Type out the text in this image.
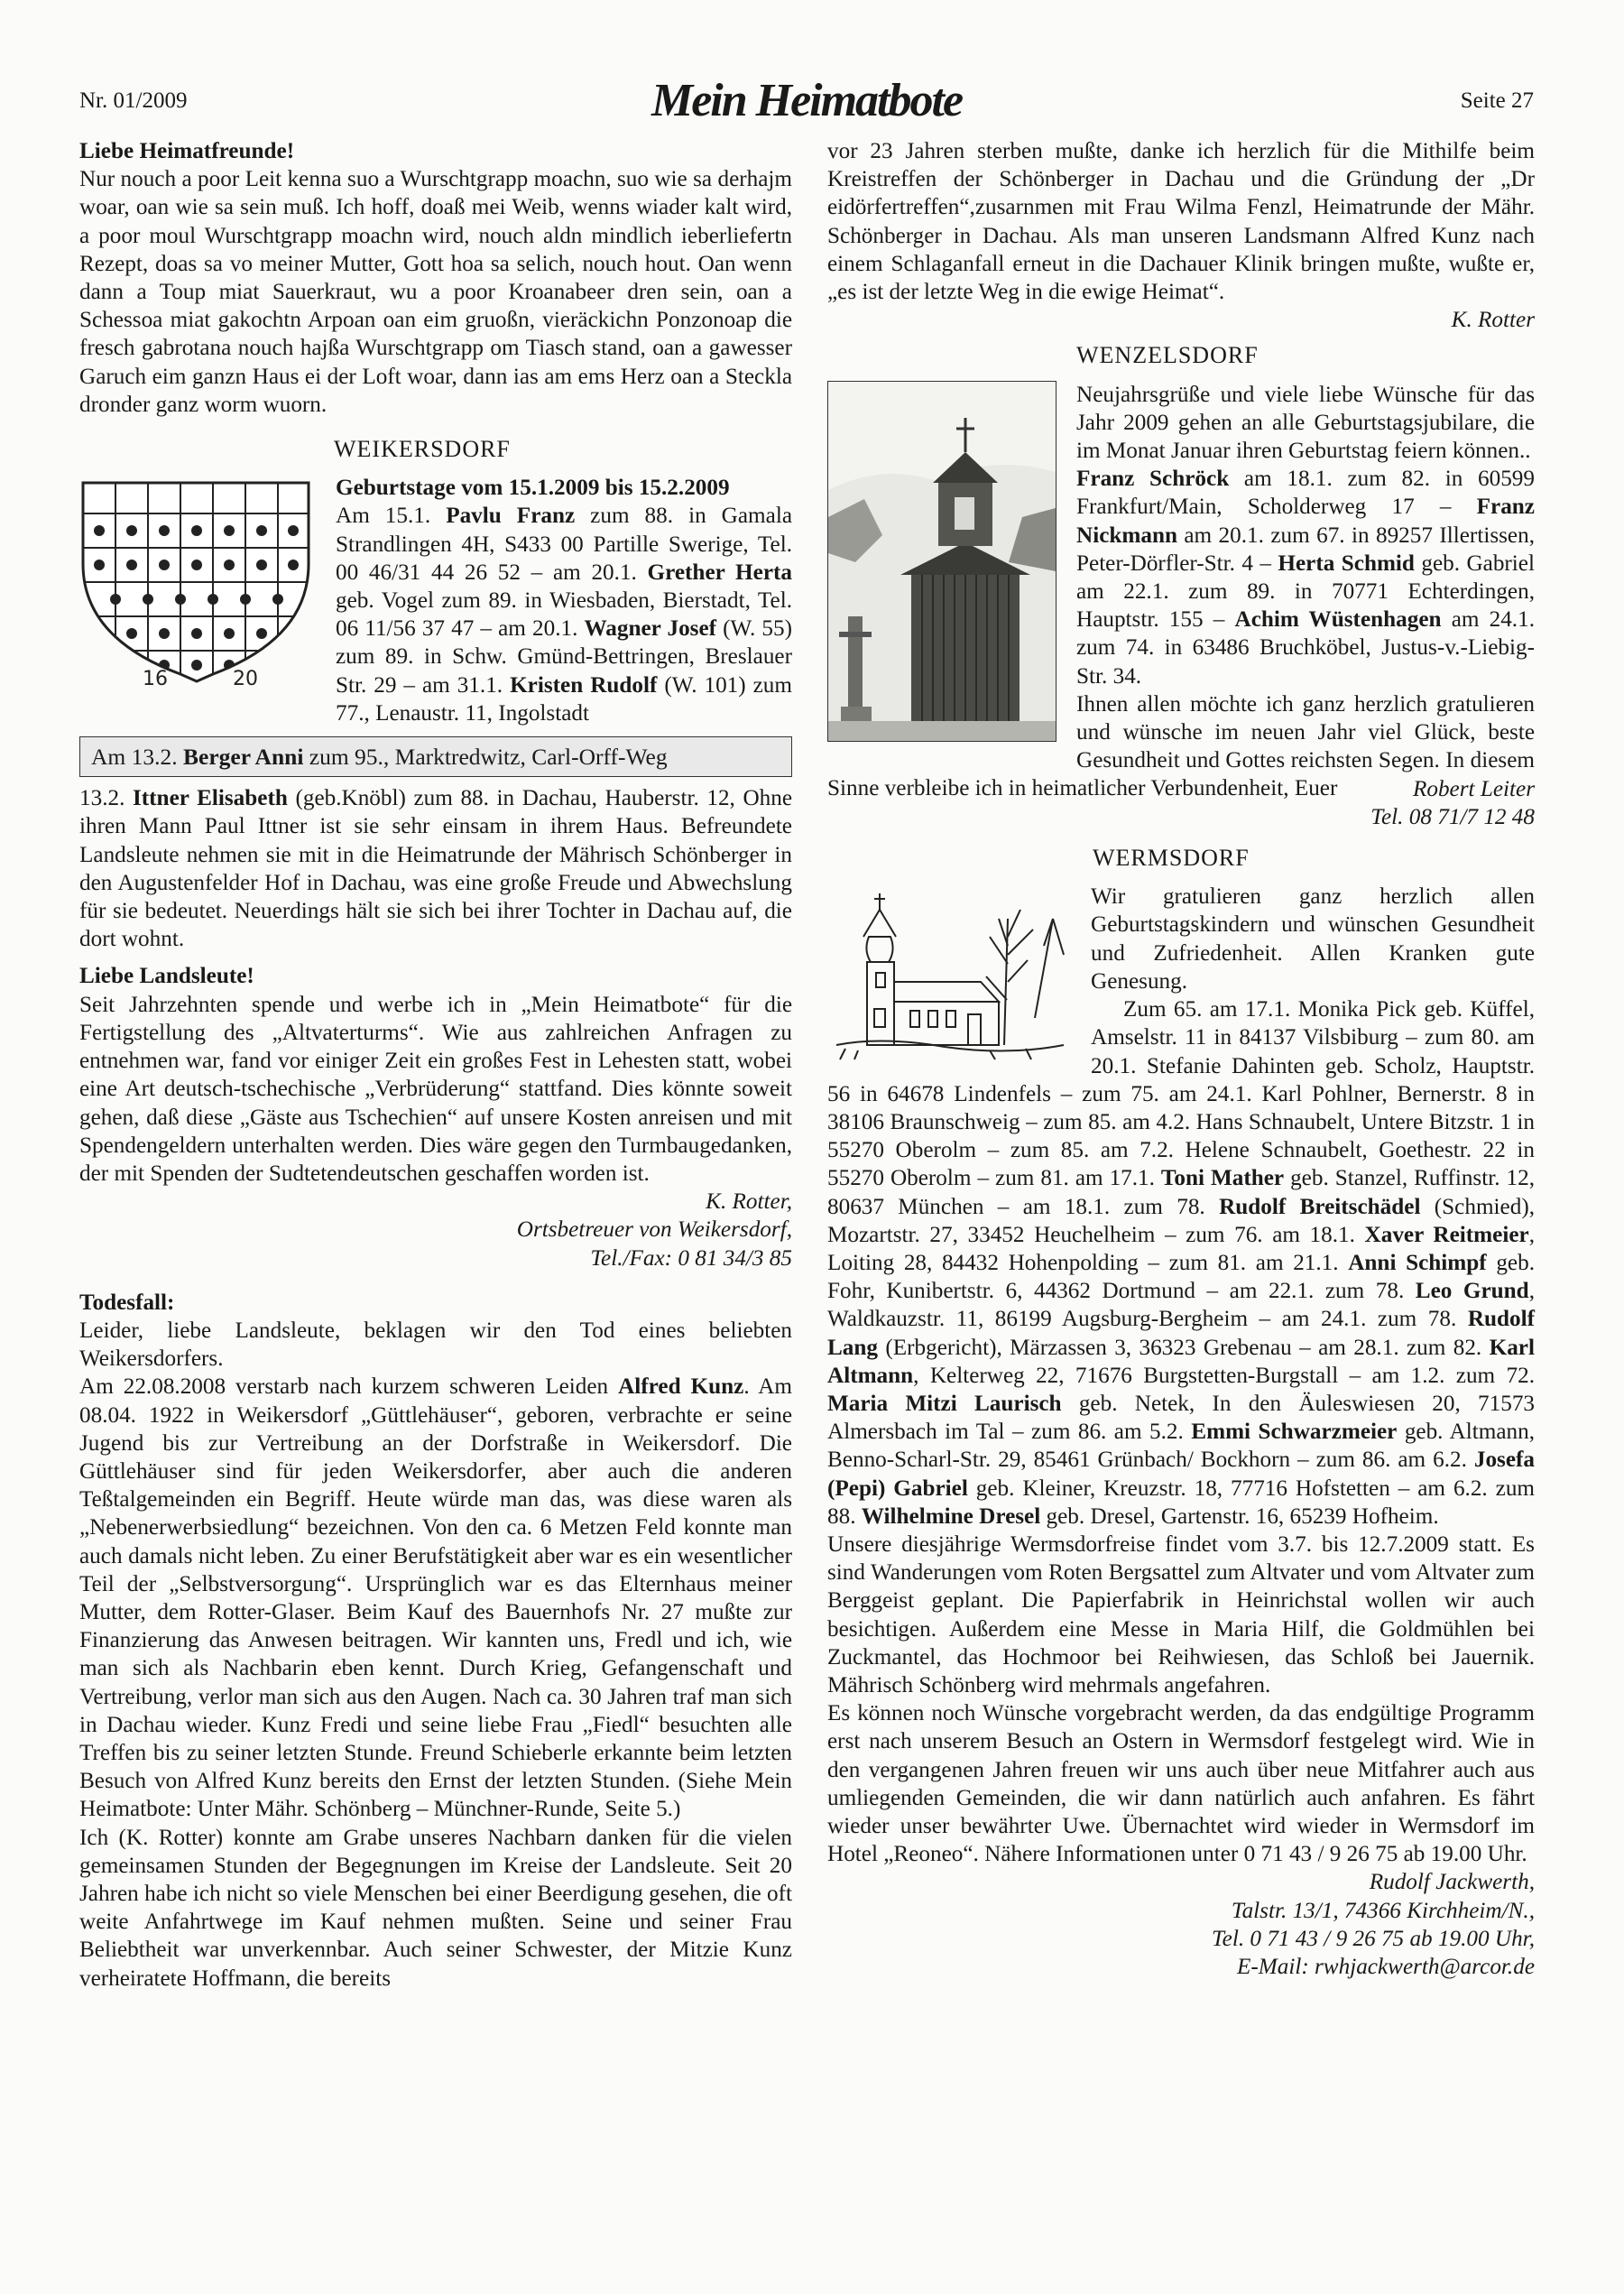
Nr. 01/2009	Mein Heimatbote	Seite 27

Liebe Heimatfreunde!

Nur nouch a poor Leit kenna suo a Wurschtgrapp moachn, suo wie sa derhajm woar, oan wie sa sein muß. Ich hoff, doaß mei Weib, wenns wiader kalt wird, a poor moul Wurschtgrapp moachn wird, nouch aldn mindlich ieberliefertn Rezept, doas sa vo meiner Mutter, Gott hoa sa selich, nouch hout. Oan wenn dann a Toup miat Sauerkraut, wu a poor Kroanabeer dren sein, oan a Schessoa miat gakochtn Arpoan oan eim gruoßn, vieräckichn Ponzonoap die fresch gabrotana nouch hajßa Wurschtgrapp om Tiasch stand, oan a gawesser Garuch eim ganzn Haus ei der Loft woar, dann ias am ems Herz oan a Steckla dronder ganz worm wuorn.

WEIKERSDORF
16	20

Geburtstage vom 15.1.2009 bis 15.2.2009

Am 15.1. Pavlu Franz zum 88. in Gamala Strandlingen 4H, S433 00 Partille Swerige, Tel. 00 46/31 44 26 52 – am 20.1. Grether Herta geb. Vogel zum 89. in Wiesbaden, Bierstadt, Tel. 06 11/56 37 47 – am 20.1. Wagner Josef (W. 55) zum 89. in Schw. Gmünd-Bettringen, Breslauer Str. 29 – am 31.1. Kristen Rudolf (W. 101) zum 77., Lenaustr. 11, Ingolstadt

Am 13.2. Berger Anni zum 95., Marktredwitz, Carl-Orff-Weg

13.2. Ittner Elisabeth (geb.Knöbl) zum 88. in Dachau, Hauberstr. 12, Ohne ihren Mann Paul Ittner ist sie sehr einsam in ihrem Haus. Befreundete Landsleute nehmen sie mit in die Heimatrunde der Mährisch Schönberger in den Augustenfelder Hof in Dachau, was eine große Freude und Abwechslung für sie bedeutet. Neuerdings hält sie sich bei ihrer Tochter in Dachau auf, die dort wohnt.

Liebe Landsleute!

Seit Jahrzehnten spende und werbe ich in „Mein Heimatbote“ für die Fertigstellung des „Altvaterturms“. Wie aus zahlreichen Anfragen zu entnehmen war, fand vor einiger Zeit ein großes Fest in Lehesten statt, wobei eine Art deutsch-tschechische „Verbrüderung“ stattfand. Dies könnte soweit gehen, daß diese „Gäste aus Tschechien“ auf unsere Kosten anreisen und mit Spendengeldern unterhalten werden. Dies wäre gegen den Turmbaugedanken, der mit Spenden der Sudtetendeutschen geschaffen worden ist.

K. Rotter,

Ortsbetreuer von Weikersdorf,

Tel./Fax: 0 81 34/3 85

Todesfall:

Leider, liebe Landsleute, beklagen wir den Tod eines beliebten Weikersdorfers.

Am 22.08.2008 verstarb nach kurzem schweren Leiden Alfred Kunz. Am 08.04. 1922 in Weikersdorf „Güttlehäuser“, geboren, verbrachte er seine Jugend bis zur Vertreibung an der Dorfstraße in Weikersdorf. Die Güttlehäuser sind für jeden Weikersdorfer, aber auch die anderen Teßtalgemeinden ein Begriff. Heute würde man das, was diese waren als „Nebenerwerbsiedlung“ bezeichnen. Von den ca. 6 Metzen Feld konnte man auch damals nicht leben. Zu einer Berufstätigkeit aber war es ein wesentlicher Teil der „Selbstversorgung“. Ursprünglich war es das Elternhaus meiner Mutter, dem Rotter-Glaser. Beim Kauf des Bauernhofs Nr. 27 mußte zur Finanzierung das Anwesen beitragen. Wir kannten uns, Fredl und ich, wie man sich als Nachbarin eben kennt. Durch Krieg, Gefangenschaft und Vertreibung, verlor man sich aus den Augen. Nach ca. 30 Jahren traf man sich in Dachau wieder. Kunz Fredi und seine liebe Frau „Fiedl“ besuchten alle Treffen bis zu seiner letzten Stunde. Freund Schieberle erkannte beim letzten Besuch von Alfred Kunz bereits den Ernst der letzten Stunden. (Siehe Mein Heimatbote: Unter Mähr. Schönberg – Münchner-Runde, Seite 5.)

Ich (K. Rotter) konnte am Grabe unseres Nachbarn danken für die vielen gemeinsamen Stunden der Begegnungen im Kreise der Landsleute. Seit 20 Jahren habe ich nicht so viele Menschen bei einer Beerdigung gesehen, die oft weite Anfahrtwege im Kauf nehmen mußten. Seine und seiner Frau Beliebtheit war unverkennbar. Auch seiner Schwester, der Mitzie Kunz verheiratete Hoffmann, die bereits

vor 23 Jahren sterben mußte, danke ich herzlich für die Mithilfe beim Kreistreffen der Schönberger in Dachau und die Gründung der „Dr eidörfertreffen“,zusarnmen mit Frau Wilma Fenzl, Heimatrunde der Mähr. Schönberger in Dachau. Als man unseren Landsmann Alfred Kunz nach einem Schlaganfall erneut in die Dachauer Klinik bringen mußte, wußte er, „es ist der letzte Weg in die ewige Heimat“.

K. Rotter

WENZELSDORF

Neujahrsgrüße und viele liebe Wünsche für das Jahr 2009 gehen an alle Geburtstagsjubilare, die im Monat Januar ihren Geburtstag feiern können..

Franz Schröck am 18.1. zum 82. in 60599 Frankfurt/Main, Scholderweg 17 – Franz Nickmann am 20.1. zum 67. in 89257 Illertissen, Peter-Dörfler-Str. 4 – Herta Schmid geb. Gabriel am 22.1. zum 89. in 70771 Echterdingen, Hauptstr. 155 – Achim Wüstenhagen am 24.1. zum 74. in 63486 Bruchköbel, Justus-v.-Liebig-Str. 34.

Ihnen allen möchte ich ganz herzlich gratulieren und wünsche im neuen Jahr viel Glück, beste Gesundheit und Gottes reichsten Segen. In diesem Sinne verbleibe ich in heimatlicher Verbundenheit, Euer	Robert Leiter

Tel. 08 71/7 12 48

WERMSDORF

Wir gratulieren ganz herzlich allen Geburtstagskindern und wünschen Gesundheit und Zufriedenheit. Allen Kranken gute Genesung.

Zum 65. am 17.1. Monika Pick geb. Küffel, Amselstr. 11 in 84137 Vilsbiburg – zum 80. am 20.1. Stefanie Dahinten geb. Scholz, Hauptstr. 56 in 64678 Lindenfels – zum 75. am 24.1. Karl Pohlner, Bernerstr. 8 in 38106 Braunschweig – zum 85. am 4.2. Hans Schnaubelt, Untere Bitzstr. 1 in 55270 Oberolm – zum 85. am 7.2. Helene Schnaubelt, Goethestr. 22 in 55270 Oberolm – zum 81. am 17.1. Toni Mather geb. Stanzel, Ruffinstr. 12, 80637 München – am 18.1. zum 78. Rudolf Breitschädel (Schmied), Mozartstr. 27, 33452 Heuchelheim – zum 76. am 18.1. Xaver Reitmeier, Loiting 28, 84432 Hohenpolding – zum 81. am 21.1. Anni Schimpf geb. Fohr, Kunibertstr. 6, 44362 Dortmund – am 22.1. zum 78. Leo Grund, Waldkauzstr. 11, 86199 Augsburg-Bergheim – am 24.1. zum 78. Rudolf Lang (Erbgericht), Märzassen 3, 36323 Grebenau – am 28.1. zum 82. Karl Altmann, Kelterweg 22, 71676 Burgstetten-Burgstall – am 1.2. zum 72. Maria Mitzi Laurisch geb. Netek, In den Äuleswiesen 20, 71573 Almersbach im Tal – zum 86. am 5.2. Emmi Schwarzmeier geb. Altmann, Benno-Scharl-Str. 29, 85461 Grünbach/ Bockhorn – zum 86. am 6.2. Josefa (Pepi) Gabriel geb. Kleiner, Kreuzstr. 18, 77716 Hofstetten – am 6.2. zum 88. Wilhelmine Dresel geb. Dresel, Gartenstr. 16, 65239 Hofheim.

Unsere diesjährige Wermsdorfreise findet vom 3.7. bis 12.7.2009 statt. Es sind Wanderungen vom Roten Bergsattel zum Altvater und vom Altvater zum Berggeist geplant. Die Papierfabrik in Heinrichstal wollen wir auch besichtigen. Außerdem eine Messe in Maria Hilf, die Goldmühlen bei Zuckmantel, das Hochmoor bei Reihwiesen, das Schloß bei Jauernik. Mährisch Schönberg wird mehrmals angefahren.

Es können noch Wünsche vorgebracht werden, da das endgültige Programm erst nach unserem Besuch an Ostern in Wermsdorf festgelegt wird. Wie in den vergangenen Jahren freuen wir uns auch über neue Mitfahrer auch aus umliegenden Gemeinden, die wir dann natürlich auch anfahren. Es fährt wieder unser bewährter Uwe. Übernachtet wird wieder in Wermsdorf im Hotel „Reoneo“. Nähere Informationen unter 0 71 43 / 9 26 75 ab 19.00 Uhr.

Rudolf Jackwerth,

Talstr. 13/1, 74366 Kirchheim/N.,

Tel. 0 71 43 / 9 26 75 ab 19.00 Uhr,

E-Mail: rwhjackwerth@arcor.de
